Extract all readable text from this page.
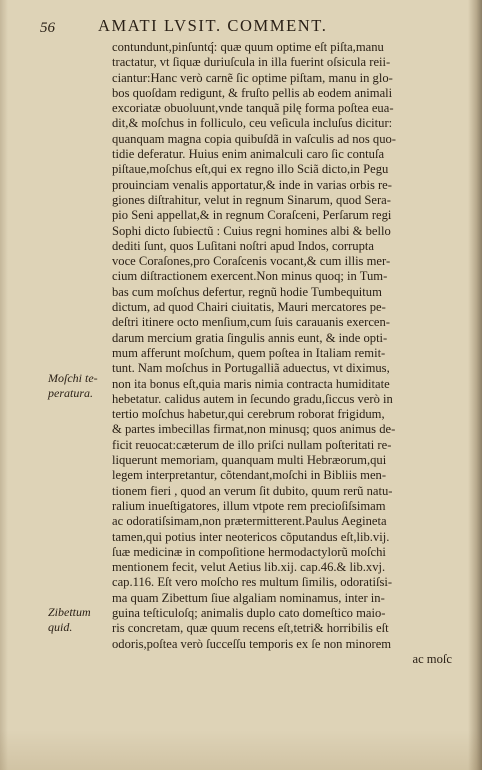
56	AMATI LVSIT. COMMENT.
Moſchi te-
peratura.
Zibettum
quid.
contundunt,pinſuntq́: quæ quum optime eſt piſta,manu
tractatur, vt ſiquæ duriuſcula in illa fuerint oſsicula reii-
ciantur:Hanc verò carnẽ ſic optime piſtam, manu in glo-
bos quoſdam redigunt, & fruſto pellis ab eodem animali
excoriatæ obuoluunt,vnde tanquã pilę forma poſtea eua-
dit,& moſchus in folliculo, ceu veſicula incluſus dicitur:
quanquam magna copia quibuſdã in vaſculis ad nos quo-
tidie deferatur. Huius enim animalculi caro ſic contuſa
piſtaue,moſchus eſt,qui ex regno illo Sciã dicto,in Pegu
prouinciam venalis apportatur,& inde in varias orbis re-
giones diſtrahitur, velut in regnum Sinarum, quod Sera-
pio Seni appellat,& in regnum Coraſceni, Perſarum regi
Sophi dicto ſubiectũ : Cuius regni homines albi & bello
dediti ſunt, quos Luſitani noſtri apud Indos, corrupta
voce Coraſones,pro Coraſcenis vocant,& cum illis mer-
cium diſtractionem exercent.Non minus quoq; in Tum-
bas cum moſchus defertur, regnũ hodie Tumbequitum
dictum, ad quod Chairi ciuitatis, Mauri mercatores pe-
deſtri itinere octo menſium,cum ſuis carauanis exercen-
darum mercium gratia ſingulis annis eunt, & inde opti-
mum afferunt moſchum, quem poſtea in Italiam remit-
tunt. Nam moſchus in Portugalliã aduectus, vt diximus,
non ita bonus eſt,quia maris nimia contracta humiditate
hebetatur. calidus autem in ſecundo gradu,ſiccus verò in
tertio moſchus habetur,qui cerebrum roborat frigidum,
& partes imbecillas firmat,non minusq; quos animus de-
ficit reuocat:cæterum de illo priſci nullam poſteritati re-
liquerunt memoriam, quanquam multi Hebræorum,qui
legem interpretantur, cõtendant,moſchi in Bibliis men-
tionem fieri , quod an verum ſit dubito, quum rerũ natu-
ralium inueſtigatores, illum vtpote rem precioſiſsimam
ac odoratiſsimam,non prætermitterent.Paulus Aegineta
tamen,qui potius inter neotericos cõputandus eſt,lib.vij.
ſuæ medicinæ in compoſitione hermodactylorũ moſchi
mentionem fecit, velut Aetius lib.xij. cap.46.& lib.xvj.
cap.116. Eſt vero moſcho res multum ſimilis, odoratiſsi-
ma quam Zibettum ſiue algaliam nominamus, inter in-
guina teſticuloſq; animalis duplo cato domeſtico maio-
ris concretam, quæ quum recens eſt,tetri& horribilis eſt
odoris,poſtea verò ſucceſſu temporis ex ſe non minorem
ac moſc
